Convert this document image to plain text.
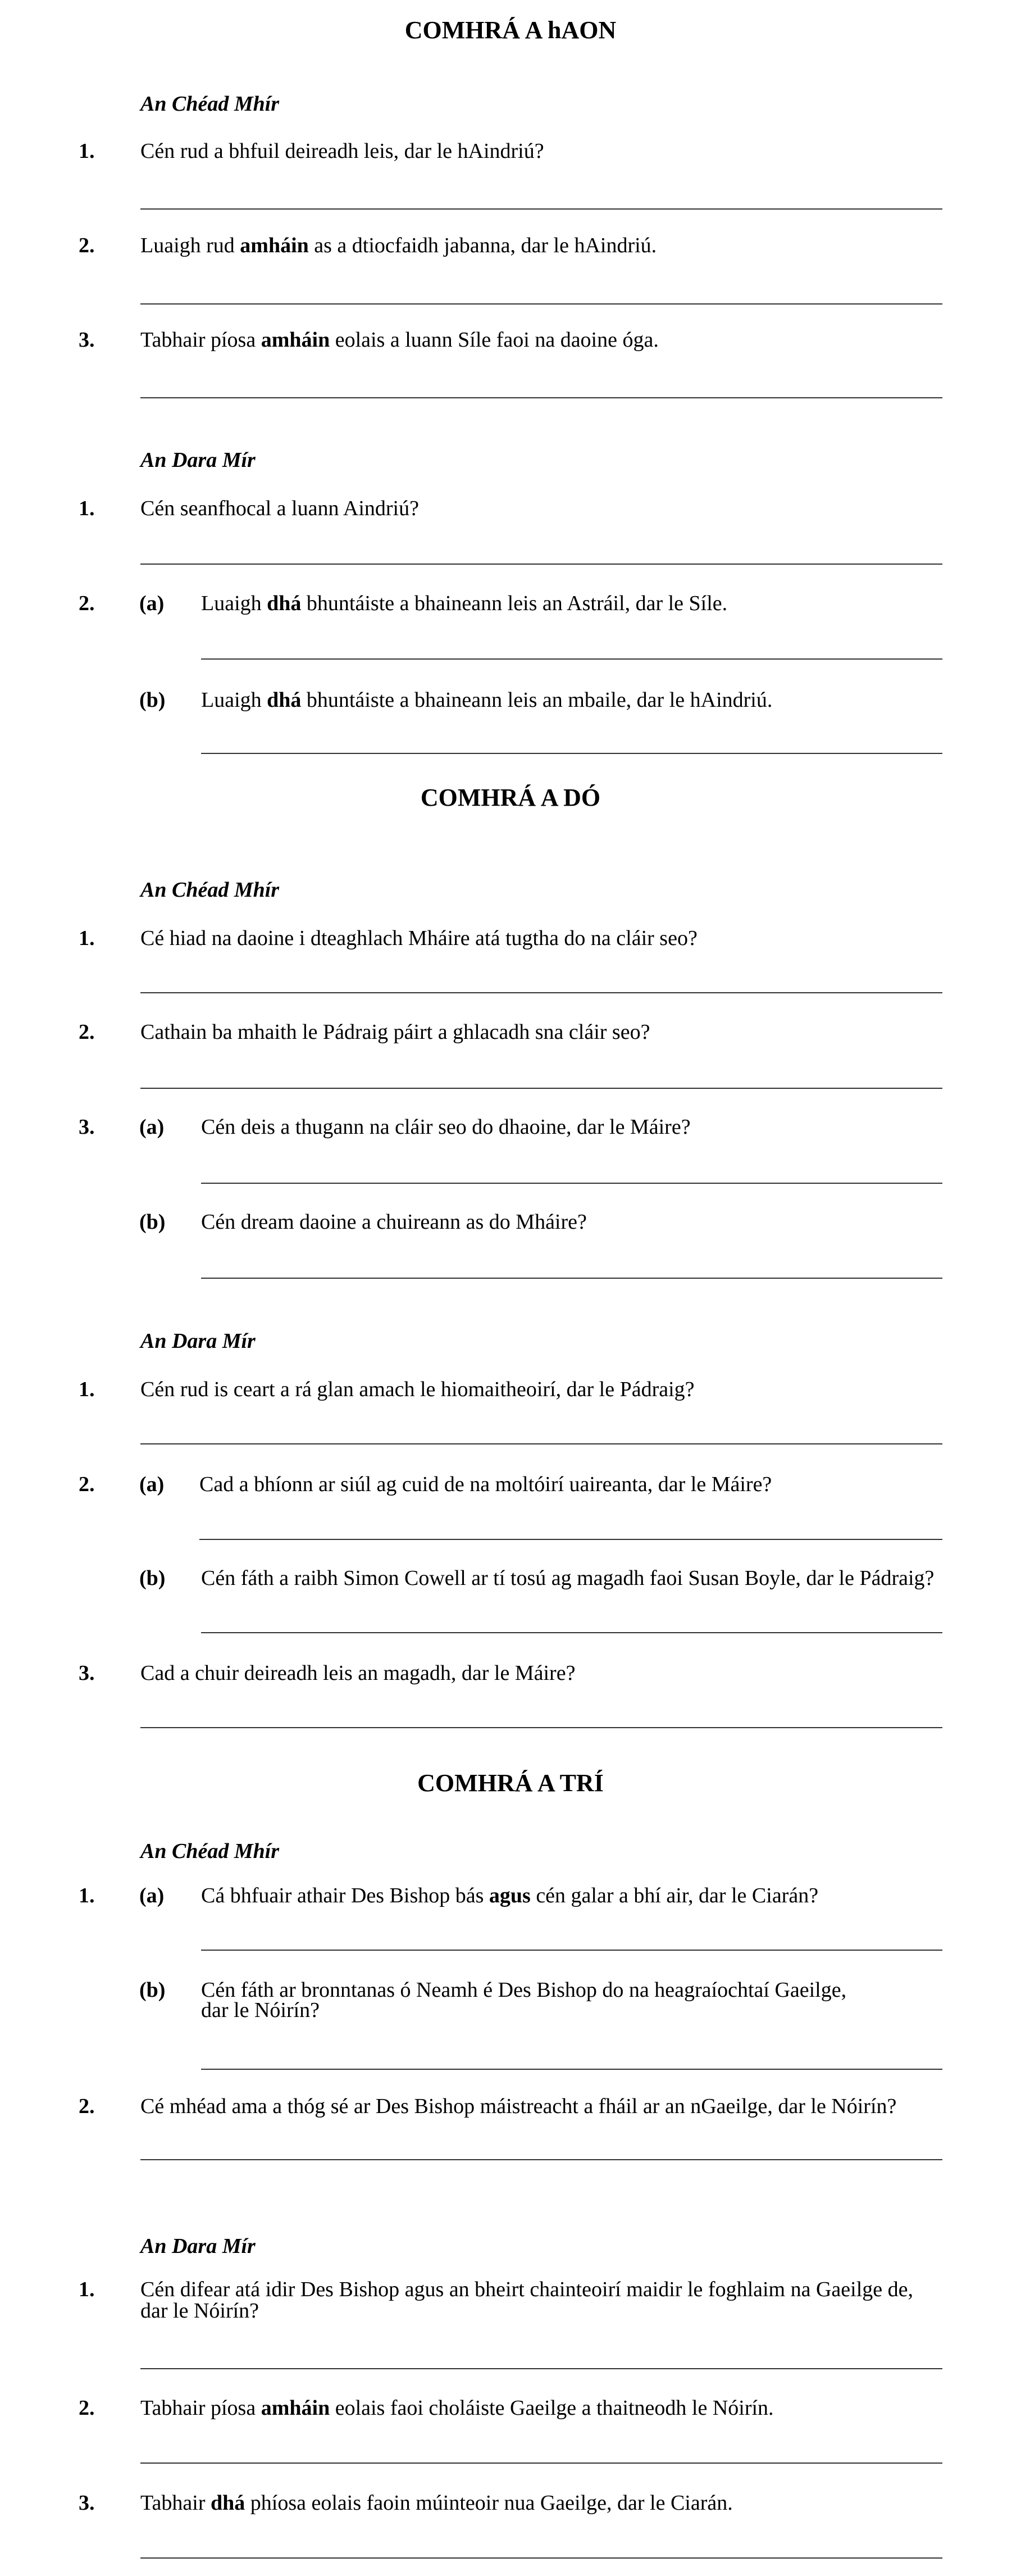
COMHRÁ A hAON
An Chéad Mhír
1. Cén rud a bhfuil deireadh leis, dar le hAindriú?
2. Luaigh rud amháin as a dtiocfaidh jabanna, dar le hAindriú.
3. Tabhair píosa amháin eolais a luann Síle faoi na daoine óga.
An Dara Mír
1. Cén seanfhocal a luann Aindriú?
2. (a) Luaigh dhá bhuntáiste a bhaineann leis an Astráil, dar le Síle.
(b) Luaigh dhá bhuntáiste a bhaineann leis an mbaile, dar le hAindriú.
COMHRÁ A DÓ
An Chéad Mhír
1. Cé hiad na daoine i dteaghlach Mháire atá tugtha do na cláir seo?
2. Cathain ba mhaith le Pádraig páirt a ghlacadh sna cláir seo?
3. (a) Cén deis a thugann na cláir seo do dhaoine, dar le Máire?
(b) Cén dream daoine a chuireann as do Mháire?
An Dara Mír
1. Cén rud is ceart a rá glan amach le hiomaitheoirí, dar le Pádraig?
2. (a) Cad a bhíonn ar siúl ag cuid de na moltóirí uaireanta, dar le Máire?
(b) Cén fáth a raibh Simon Cowell ar tí tosú ag magadh faoi Susan Boyle, dar le Pádraig?
3. Cad a chuir deireadh leis an magadh, dar le Máire?
COMHRÁ A TRÍ
An Chéad Mhír
1. (a) Cá bhfuair athair Des Bishop bás agus cén galar a bhí air, dar le Ciarán?
(b) Cén fáth ar bronntanas ó Neamh é Des Bishop do na heagraíochtaí Gaeilge,
dar le Nóirín?
2. Cé mhéad ama a thóg sé ar Des Bishop máistreacht a fháil ar an nGaeilge, dar le Nóirín?
An Dara Mír
1. Cén difear atá idir Des Bishop agus an bheirt chainteoirí maidir le foghlaim na Gaeilge de,
dar le Nóirín?
2. Tabhair píosa amháin eolais faoi choláiste Gaeilge a thaitneodh le Nóirín.
3. Tabhair dhá phíosa eolais faoin múinteoir nua Gaeilge, dar le Ciarán.
